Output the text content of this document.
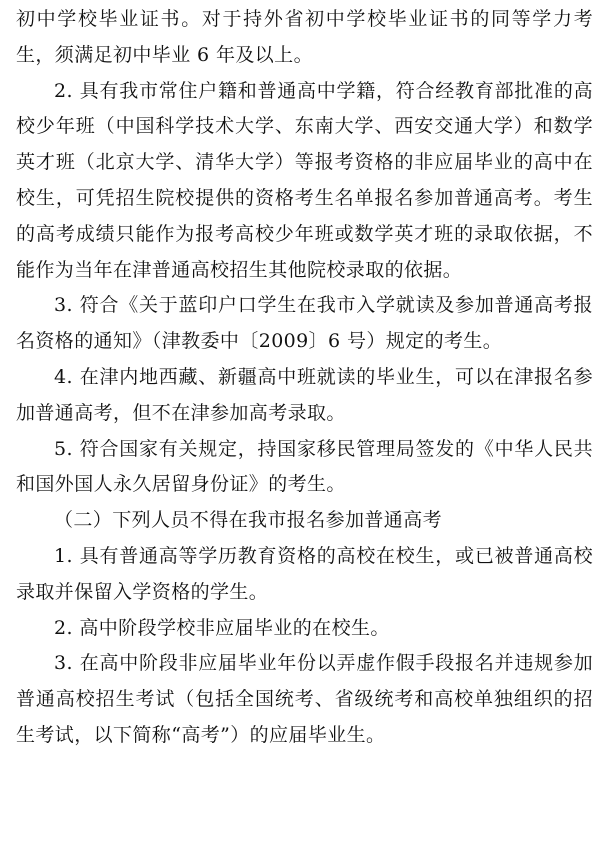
初中学校毕业证书。对于持外省初中学校毕业证书的同等学力考生，须满足初中毕业 6 年及以上。

2. 具有我市常住户籍和普通高中学籍，符合经教育部批准的高校少年班（中国科学技术大学、东南大学、西安交通大学）和数学英才班（北京大学、清华大学）等报考资格的非应届毕业的高中在校生，可凭招生院校提供的资格考生名单报名参加普通高考。考生的高考成绩只能作为报考高校少年班或数学英才班的录取依据，不能作为当年在津普通高校招生其他院校录取的依据。

3. 符合《关于蓝印户口学生在我市入学就读及参加普通高考报名资格的通知》（津教委中〔2009〕6 号）规定的考生。

4. 在津内地西藏、新疆高中班就读的毕业生，可以在津报名参加普通高考，但不在津参加高考录取。

5. 符合国家有关规定，持国家移民管理局签发的《中华人民共和国外国人永久居留身份证》的考生。

（二）下列人员不得在我市报名参加普通高考

1. 具有普通高等学历教育资格的高校在校生，或已被普通高校录取并保留入学资格的学生。

2. 高中阶段学校非应届毕业的在校生。

3. 在高中阶段非应届毕业年份以弄虚作假手段报名并违规参加普通高校招生考试（包括全国统考、省级统考和高校单独组织的招生考试，以下简称“高考”）的应届毕业生。
